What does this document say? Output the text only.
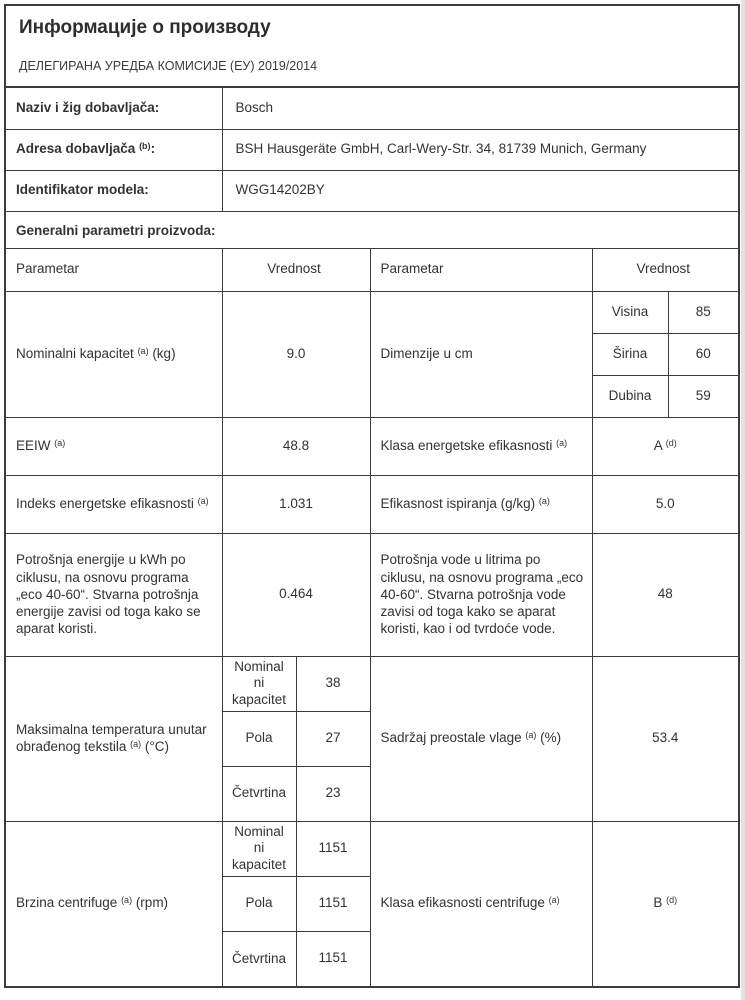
Информације о производу
ДЕЛЕГИРАНА УРЕДБА КОМИСИЈЕ (ЕУ) 2019/2014
Naziv i žig dobavljača:	Bosch
Adresa dobavljača $^{(b)}$:	BSH Hausgeräte GmbH, Carl-Wery-Str. 34, 81739 Munich, Germany
Identifikator modela:	WGG14202BY
Generalni parametri proizvoda:
Parametar	Vrednost		Parametar	Vrednost	
Nominalni kapacitet $^{(a)}$ (kg)	9.0		Dimenzije u cm	Visina	85
				Širina	60
				Dubina	59
EEIW $^{(a)}$	48.8		Klasa energetske efikasnosti $^{(a)}$	A $^{(d)}$
Indeks energetske efikasnosti $^{(a)}$	1.031		Efikasnost ispiranja (g/kg) $^{(a)}$	5.0	
Potrošnja energije u kWh po ciklusu, na osnovu programa „eco 40-60“. Stvarna potrošnja energije zavisi od toga kako se aparat koristi.	0.464		Potrošnja vode u litrima po ciklusu, na osnovu programa „eco 40-60“. Stvarna potrošnja vode zavisi od toga kako se aparat koristi, kao i od tvrdoće vode.	48	
Maksimalna temperatura unutar obrađenog tekstila $^{(a)}$ (°C)	Nominalni kapacitet	38	Sadržaj preostale vlage $^{(a)}$ (%)	53.4	
	Pola	27			
	Četvrtina	23			
Brzina centrifuge $^{(a)}$ (rpm)	Nominalni kapacitet	1151	Klasa efikasnosti centrifuge $^{(a)}$	B $^{(d)}$
	Pola	1151			
	Četvrtina	1151			
